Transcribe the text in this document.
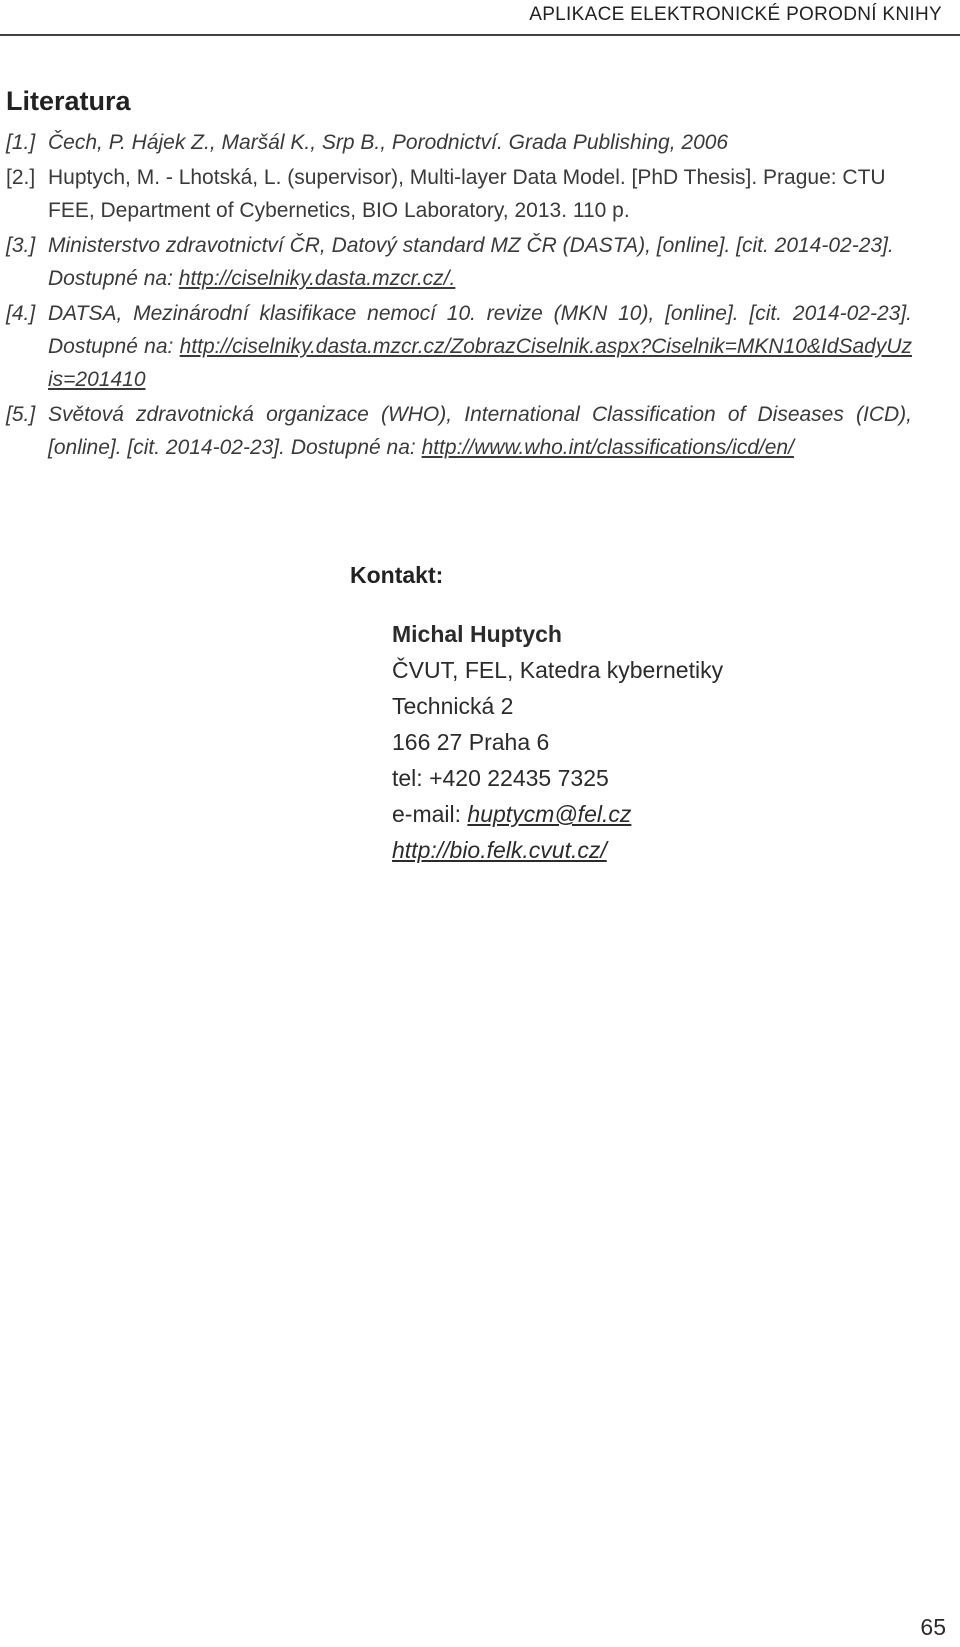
APLIKACE ELEKTRONICKÉ PORODNÍ KNIHY
Literatura
[1.] Čech, P. Hájek Z., Maršál K., Srp B., Porodnictví. Grada Publishing, 2006
[2.] Huptych, M. - Lhotská, L. (supervisor), Multi-layer Data Model. [PhD Thesis]. Prague: CTU FEE, Department of Cybernetics, BIO Laboratory, 2013. 110 p.
[3.] Ministerstvo zdravotnictví ČR, Datový standard MZ ČR (DASTA), [online]. [cit. 2014-02-23]. Dostupné na: http://ciselniky.dasta.mzcr.cz/.
[4.] DATSA, Mezinárodní klasifikace nemocí 10. revize (MKN 10), [online]. [cit. 2014-02-23]. Dostupné na: http://ciselniky.dasta.mzcr.cz/ZobrazCiselnik.aspx?Ciselnik=MKN10&IdSadyUzis=201410
[5.] Světová zdravotnická organizace (WHO), International Classification of Diseases (ICD), [online]. [cit. 2014-02-23]. Dostupné na: http://www.who.int/classifications/icd/en/
Kontakt:
Michal Huptych
ČVUT, FEL, Katedra kybernetiky
Technická 2
166 27 Praha 6
tel: +420 22435 7325
e-mail: huptycm@fel.cz
http://bio.felk.cvut.cz/
65
